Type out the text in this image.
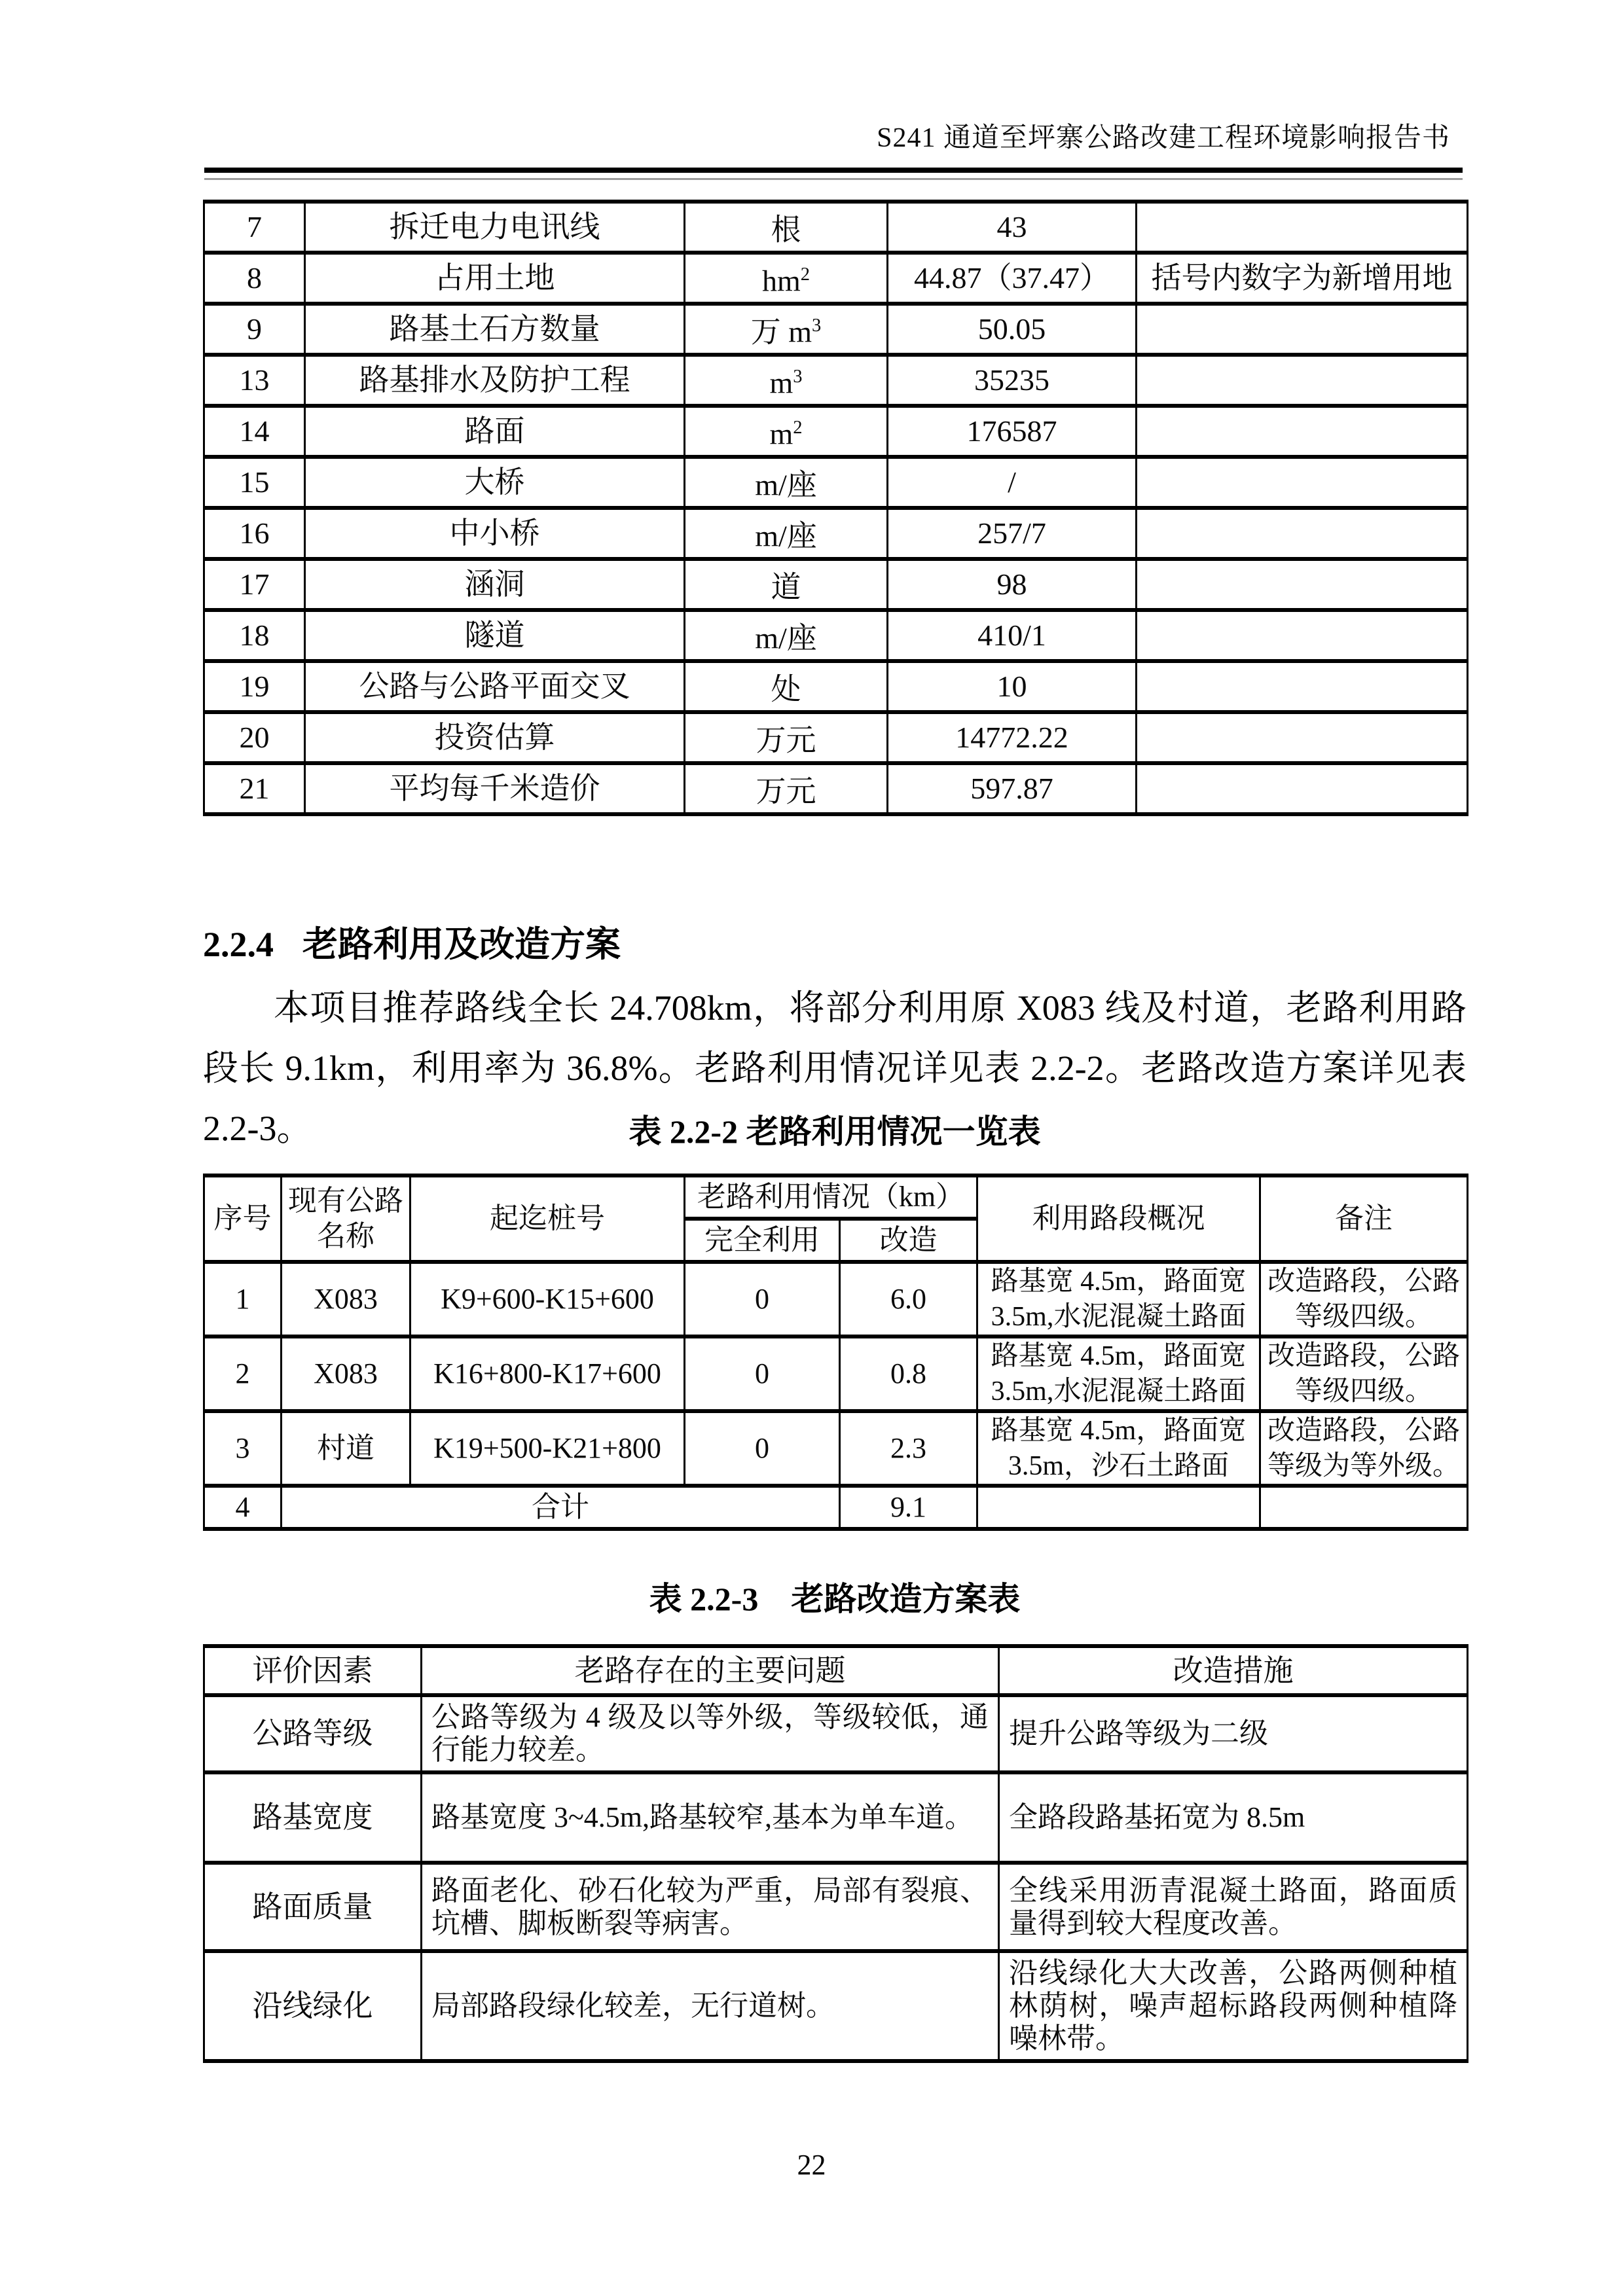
S241 通道至坪寨公路改建工程环境影响报告书
7	拆迁电力电讯线	根	43	
8	占用土地	$hm^2$	44.87（37.47）	括号内数字为新增用地
9	路基土石方数量	万 $m^3$	50.05	
13	路基排水及防护工程	$m^3$	35235	
14	路面	$m^2$	176587	
15	大桥	m/座	/	
16	中小桥	m/座	257/7	
17	涵洞	道	98	
18	隧道	m/座	410/1	
19	公路与公路平面交叉	处	10	
20	投资估算	万元	14772.22	
21	平均每千米造价	万元	597.87	
2.2.4 老路利用及改造方案

本项目推荐路线全长 24.708km，将部分利用原 X083 线及村道，老路利用路段长 9.1km，利用率为 36.8%。老路利用情况详见表 2.2-2。老路改造方案详见表 2.2-3。	表 2.2-2 老路利用情况一览表
序号	现有公路名称	起迄桩号	老路利用情况（km）		利用路段概况	备注
			完全利用	改造		
1	X083	K9+600-K15+600	0	6.0	路基宽 4.5m，路面宽 3.5m,水泥混凝土路面	改造路段，公路等级四级。
2	X083	K16+800-K17+600	0	0.8	路基宽 4.5m，路面宽 3.5m,水泥混凝土路面	改造路段，公路等级四级。
3	村道	K19+500-K21+800	0	2.3	路基宽 4.5m，路面宽 3.5m，沙石土路面	改造路段，公路等级为等外级。
4	合计			9.1		
表 2.2-3　老路改造方案表
评价因素	老路存在的主要问题	改造措施
公路等级	公路等级为 4 级及以等外级，等级较低，通行能力较差。	提升公路等级为二级
路基宽度	路基宽度 3~4.5m,路基较窄,基本为单车道。	全路段路基拓宽为 8.5m
路面质量	路面老化、砂石化较为严重，局部有裂痕、坑槽、脚板断裂等病害。	全线采用沥青混凝土路面，路面质量得到较大程度改善。
沿线绿化	局部路段绿化较差，无行道树。	沿线绿化大大改善，公路两侧种植林荫树，噪声超标路段两侧种植降噪林带。
22
